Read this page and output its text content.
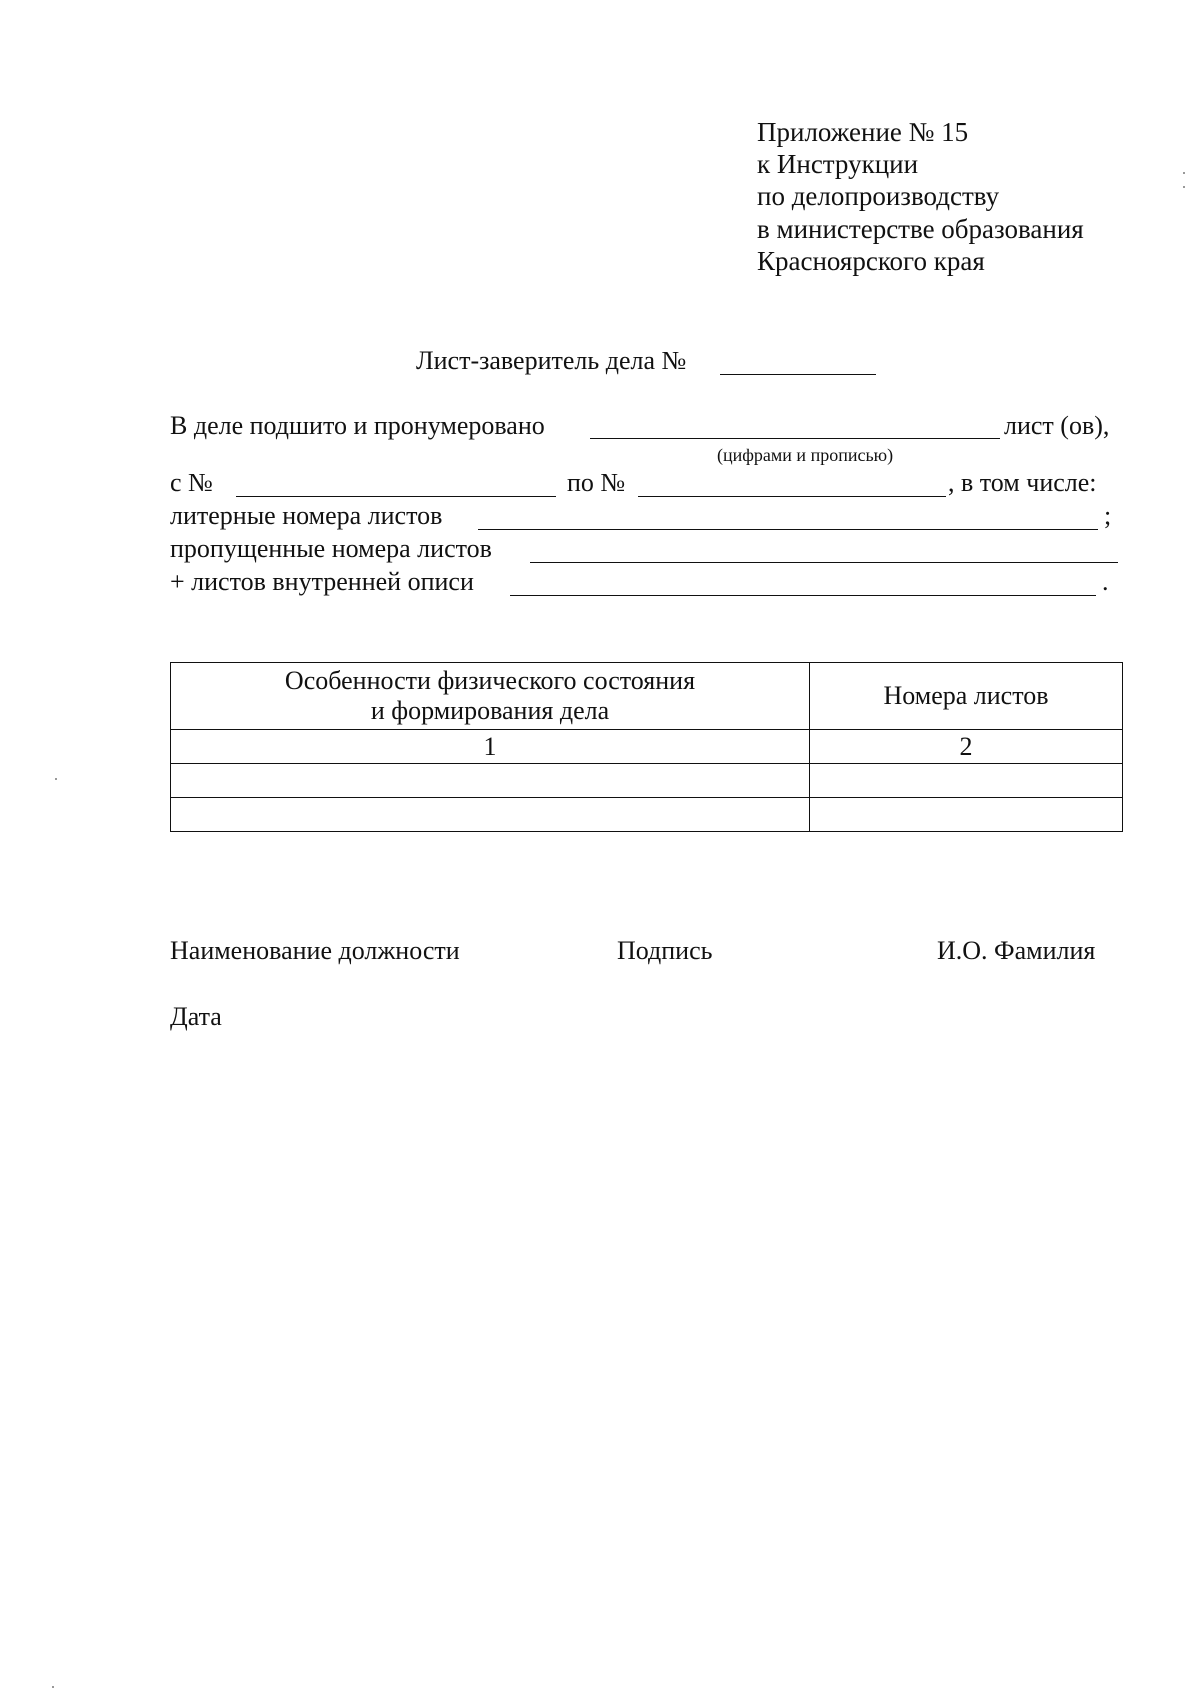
Приложение № 15
к Инструкции
по делопроизводству
в министерстве образования
Красноярского края
Лист-заверитель дела №
В деле подшито и пронумеровано	лист (ов),
(цифрами и прописью)
с №	по №	, в том числе:
литерные номера листов	;
пропущенные номера листов
+ листов внутренней описи	.
Особенности физического состояния
и формирования дела	Номера листов
1	2

Наименование должности	Подпись	И.О. Фамилия
Дата
